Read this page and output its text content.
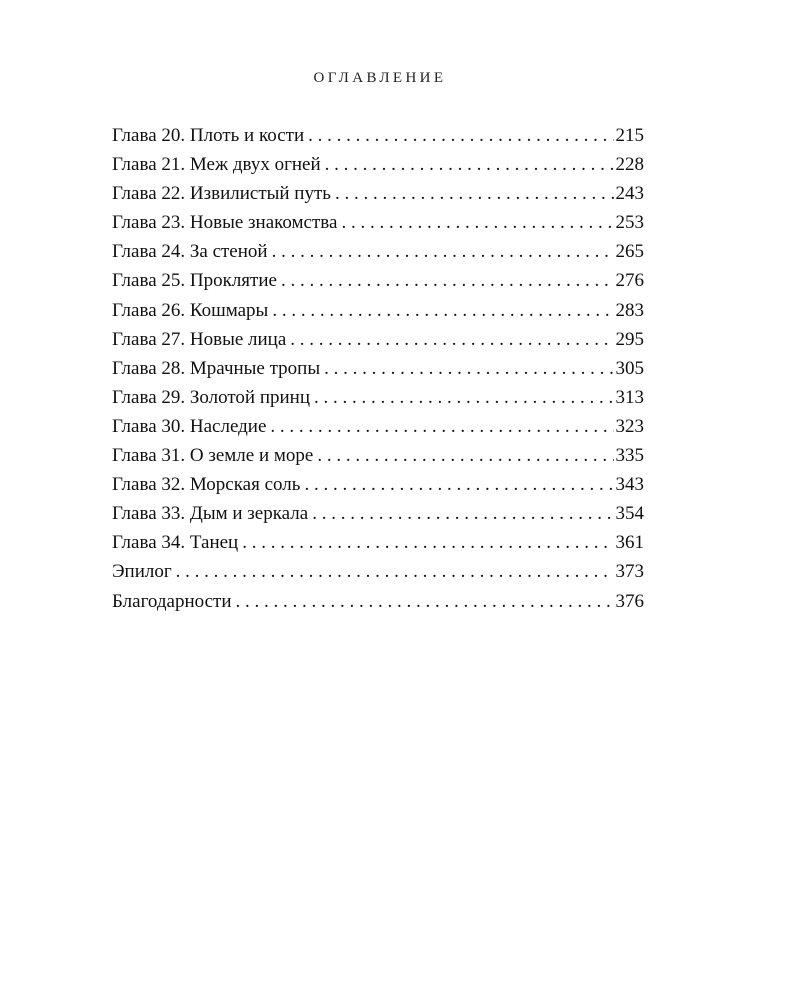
ОГЛАВЛЕНИЕ
Глава 20. Плоть и кости . . .	215
Глава 21. Меж двух огней . . .	228
Глава 22. Извилистый путь . . .	243
Глава 23. Новые знакомства . . .	253
Глава 24. За стеной . . .	265
Глава 25. Проклятие . . .	276
Глава 26. Кошмары . . .	283
Глава 27. Новые лица . . .	295
Глава 28. Мрачные тропы . . .	305
Глава 29. Золотой принц . . .	313
Глава 30. Наследие . . .	323
Глава 31. О земле и море . . .	335
Глава 32. Морская соль . . .	343
Глава 33. Дым и зеркала . . .	354
Глава 34. Танец . . .	361
Эпилог . . .	373
Благодарности . . .	376
